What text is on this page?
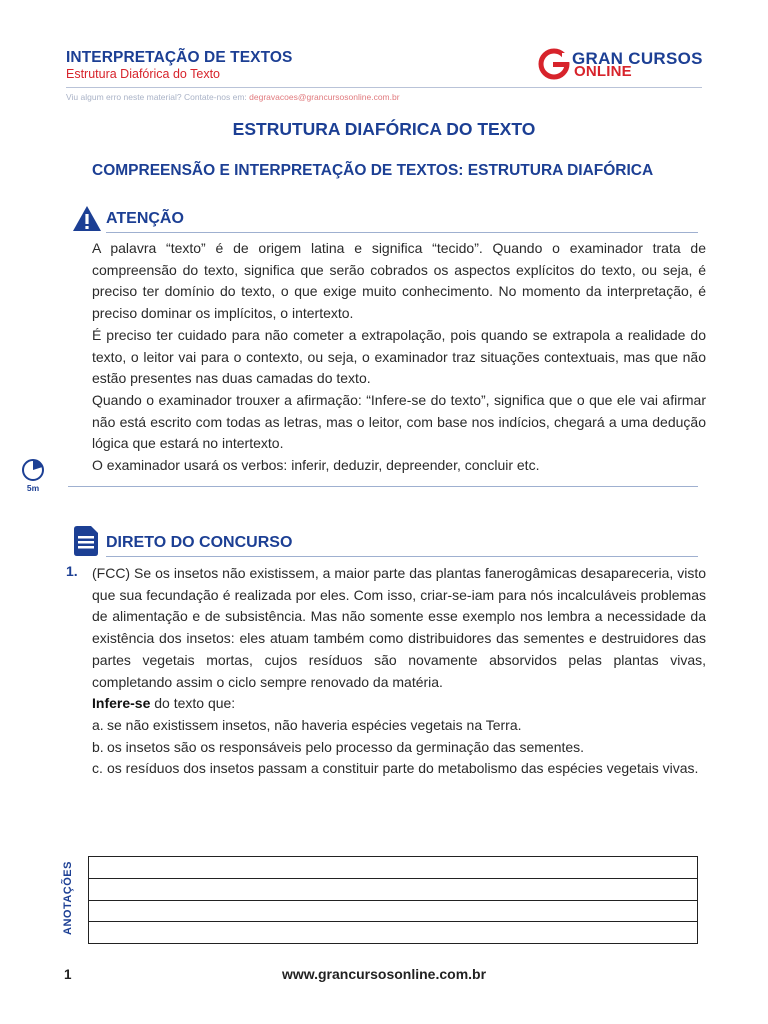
INTERPRETAÇÃO DE TEXTOS
Estrutura Diafórica do Texto
GRAN CURSOS
ONLINE
Viu algum erro neste material? Contate-nos em: degravacoes@grancursosonline.com.br
ESTRUTURA DIAFÓRICA DO TEXTO
COMPREENSÃO E INTERPRETAÇÃO DE TEXTOS: ESTRUTURA DIAFÓRICA
ATENÇÃO

A palavra “texto” é de origem latina e significa “tecido”. Quando o examinador trata de compreensão do texto, significa que serão cobrados os aspectos explícitos do texto, ou seja, é preciso ter domínio do texto, o que exige muito conhecimento. No momento da interpretação, é preciso dominar os implícitos, o intertexto.

É preciso ter cuidado para não cometer a extrapolação, pois quando se extrapola a realidade do texto, o leitor vai para o contexto, ou seja, o examinador traz situações contextuais, mas que não estão presentes nas duas camadas do texto.

Quando o examinador trouxer a afirmação: “Infere-se do texto”, significa que o que ele vai afirmar não está escrito com todas as letras, mas o leitor, com base nos indícios, chegará a uma dedução lógica que estará no intertexto.

O examinador usará os verbos: inferir, deduzir, depreender, concluir etc.

5m
DIRETO DO CONCURSO
1. (FCC) Se os insetos não existissem, a maior parte das plantas fanerogâmicas desapareceria, visto que sua fecundação é realizada por eles. Com isso, criar-se-iam para nós incalculáveis problemas de alimentação e de subsistência. Mas não somente esse exemplo nos lembra a necessidade da existência dos insetos: eles atuam também como distribuidores das sementes e destruidores das partes vegetais mortas, cujos resíduos são novamente absorvidos pelas plantas vivas, completando assim o ciclo sempre renovado da matéria.

Infere-se do texto que:

a. se não existissem insetos, não haveria espécies vegetais na Terra.
b. os insetos são os responsáveis pelo processo da germinação das sementes.
c. os resíduos dos insetos passam a constituir parte do metabolismo das espécies vegetais vivas.
ANOTAÇÕES
1	www.grancursosonline.com.br
